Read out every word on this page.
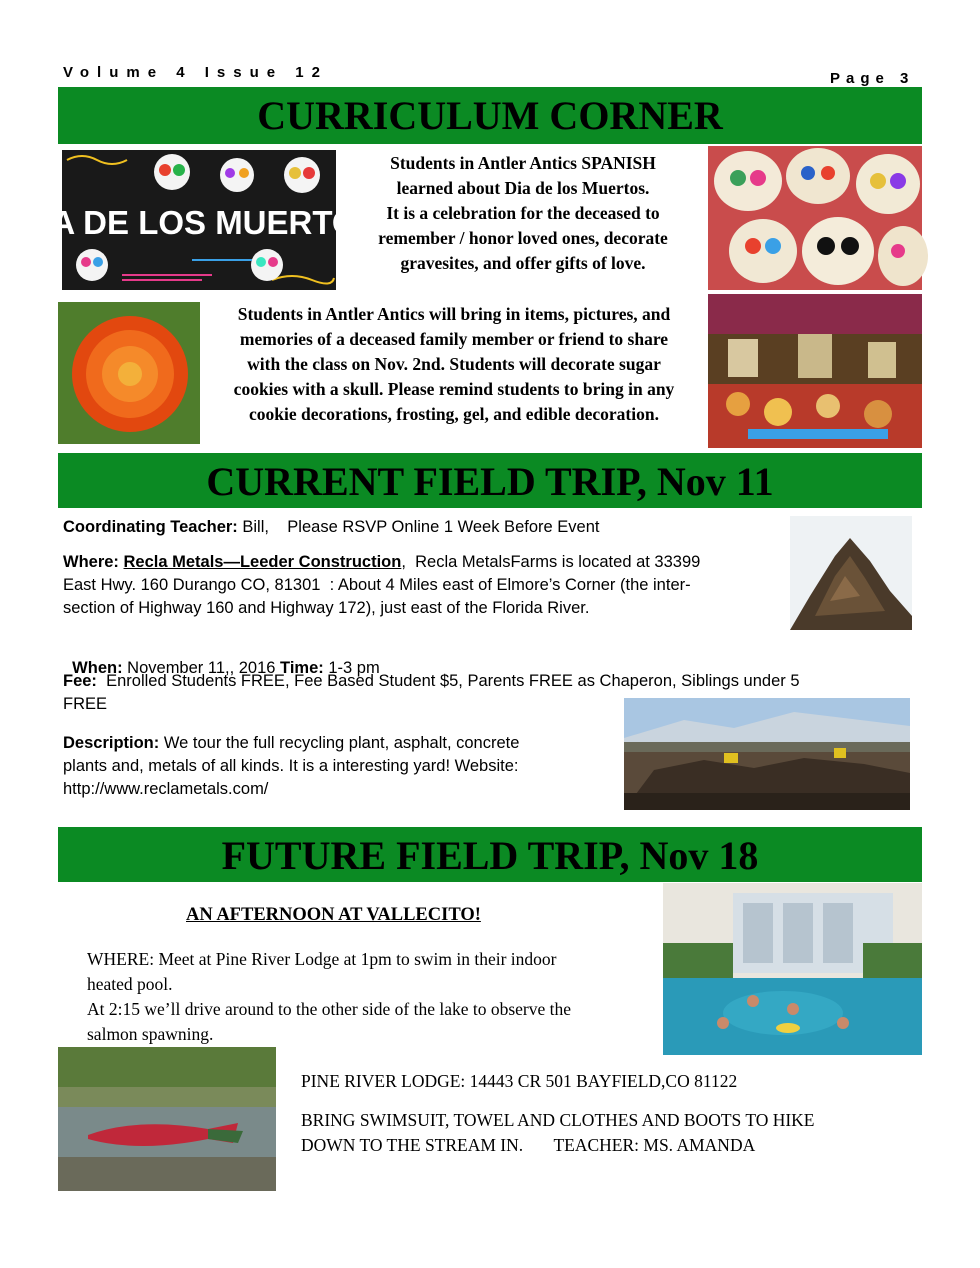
Volume 4 Issue 12	Page 3
CURRICULUM CORNER
DIA DE LOS MUERTOS
Students in Antler Antics SPANISH
learned about Dia de los Muertos.
It is a celebration for the deceased to
remember / honor loved ones, decorate
gravesites, and offer gifts of love.
Students in Antler Antics will bring in items, pictures, and
memories of a deceased family member or friend to share
with the class on Nov. 2nd. Students will decorate sugar
cookies with a skull. Please remind students to bring in any
cookie decorations, frosting, gel, and edible decoration.
CURRENT FIELD TRIP, Nov 11
Coordinating Teacher: Bill,    Please RSVP Online 1 Week Before Event
Where: Recla Metals—Leeder Construction,  Recla MetalsFarms is located at 33399
East Hwy. 160 Durango CO, 81301  : About 4 Miles east of Elmore’s Corner (the inter-
section of Highway 160 and Highway 172), just east of the Florida River.

When: November 11,, 2016 Time: 1-3 pm

Fee:  Enrolled Students FREE, Fee Based Student $5, Parents FREE as Chaperon, Siblings under 5
FREE
Description: We tour the full recycling plant, asphalt, concrete
plants and, metals of all kinds. It is a interesting yard! Website:
http://www.reclametals.com/
FUTURE FIELD TRIP, Nov 18
AN AFTERNOON AT VALLECITO!
WHERE: Meet at Pine River Lodge at 1pm to swim in their indoor
heated pool.
At 2:15 we’ll drive around to the other side of the lake to observe the
salmon spawning.
PINE RIVER LODGE: 14443 CR 501 BAYFIELD,CO 81122
BRING SWIMSUIT, TOWEL AND CLOTHES AND BOOTS TO HIKE
DOWN TO THE STREAM IN.       TEACHER: MS. AMANDA
